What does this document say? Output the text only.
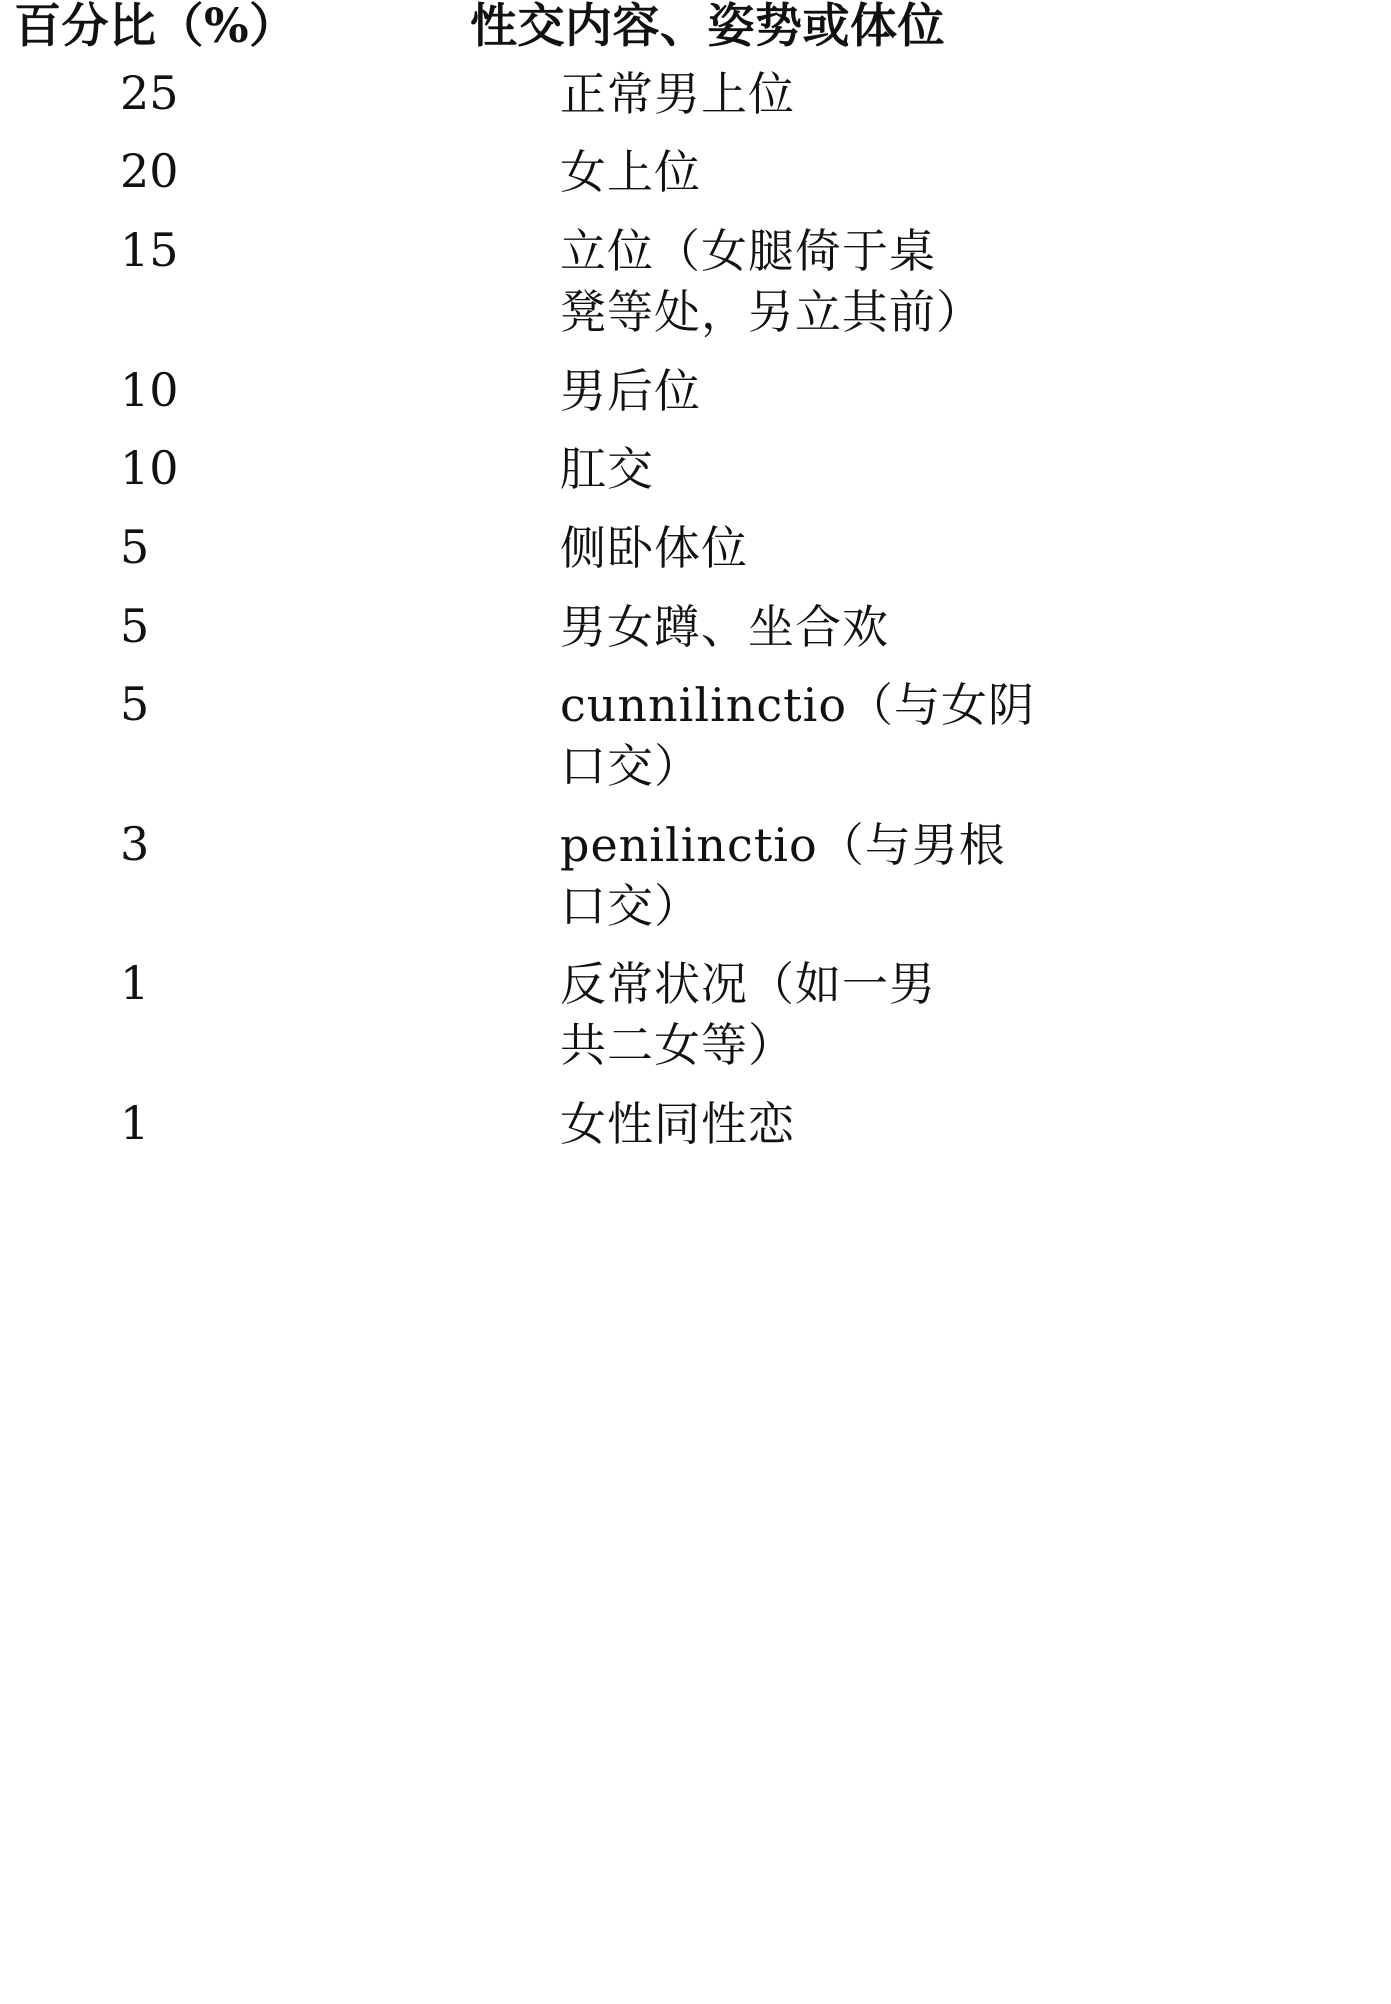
百分比（%）	性交内容、姿势或体位
25	正常男上位

20	女上位

15	立位（女腿倚于桌
凳等处，另立其前）

10	男后位

10	肛交

5	侧卧体位

5	男女蹲、坐合欢

5	cunnilinctio（与女阴
口交）

3	penilinctio（与男根
口交）

1	反常状况（如一男
共二女等）

1	女性同性恋
